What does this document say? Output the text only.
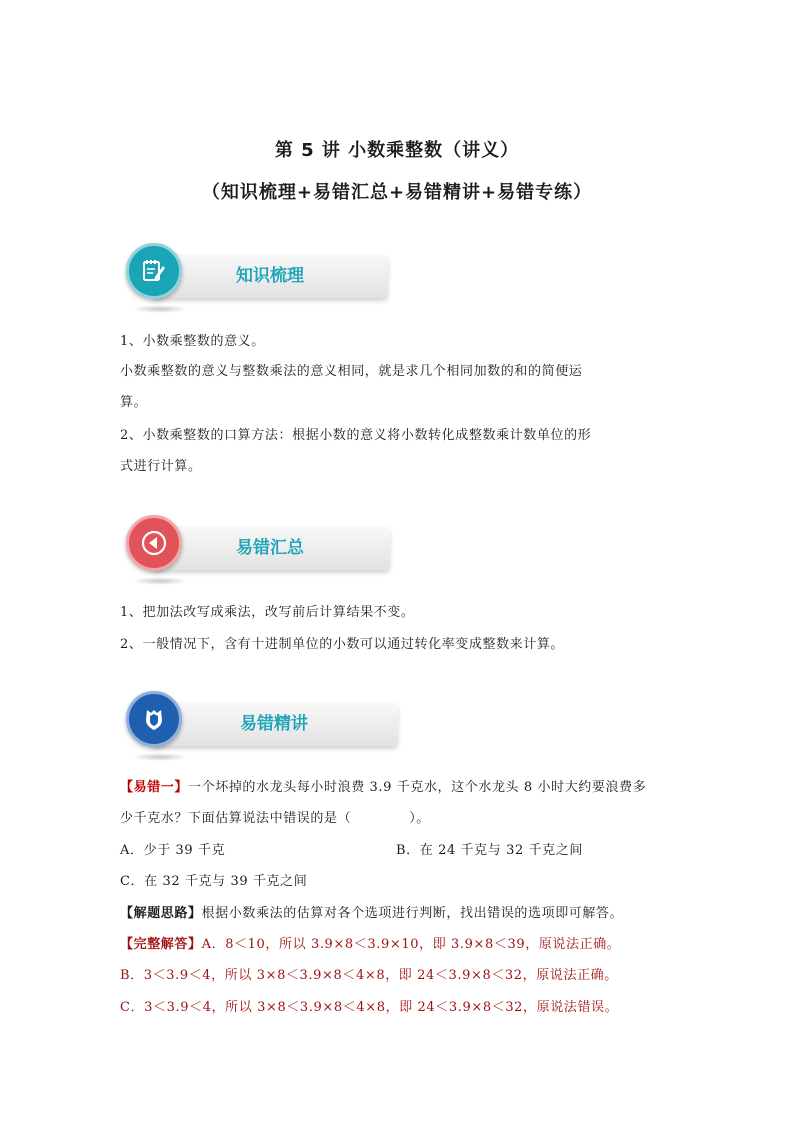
第 5 讲 小数乘整数（讲义）
（知识梳理+易错汇总+易错精讲+易错专练）
知识梳理

1、小数乘整数的意义。

小数乘整数的意义与整数乘法的意义相同，就是求几个相同加数的和的简便运

算。

2、小数乘整数的口算方法：根据小数的意义将小数转化成整数乘计数单位的形

式进行计算。

易错汇总

1、把加法改写成乘法，改写前后计算结果不变。

2、一般情况下，含有十进制单位的小数可以通过转化率变成整数来计算。

易错精讲

【易错一】一个坏掉的水龙头每小时浪费 3.9 千克水，这个水龙头 8 小时大约要浪费多

少千克水？下面估算说法中错误的是（	）。

A．少于 39 千克	B．在 24 千克与 32 千克之间

C．在 32 千克与 39 千克之间

【解题思路】根据小数乘法的估算对各个选项进行判断，找出错误的选项即可解答。

【完整解答】A．8＜10，所以 3.9×8＜3.9×10，即 3.9×8＜39，原说法正确。

B．3＜3.9＜4，所以 3×8＜3.9×8＜4×8，即 24＜3.9×8＜32，原说法正确。

C．3＜3.9＜4，所以 3×8＜3.9×8＜4×8，即 24＜3.9×8＜32，原说法错误。
